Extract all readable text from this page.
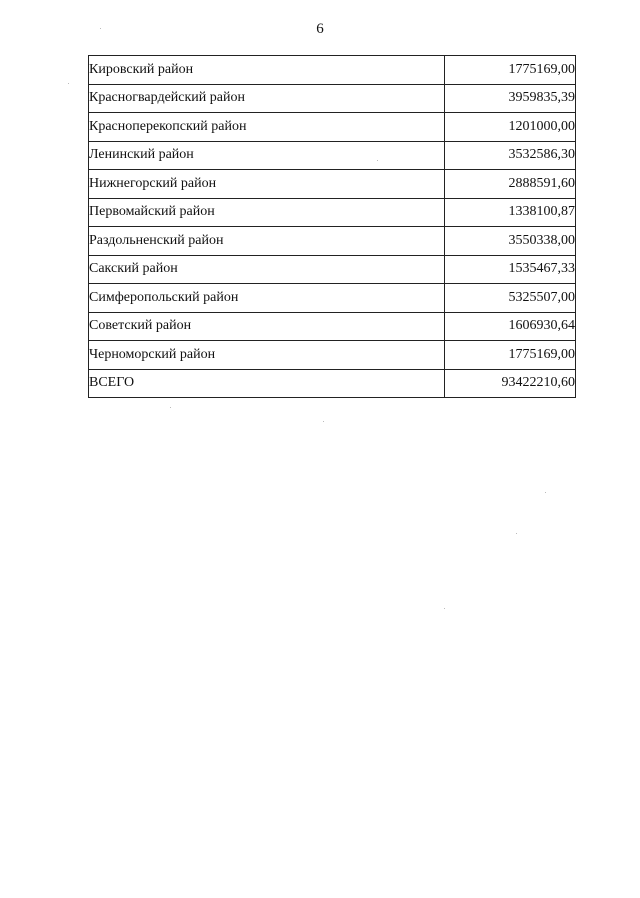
6
Кировский район	1775169,00
Красногвардейский район	3959835,39
Красноперекопский район	1201000,00
Ленинский район	3532586,30
Нижнегорский район	2888591,60
Первомайский район	1338100,87
Раздольненский район	3550338,00
Сакский район	1535467,33
Симферопольский район	5325507,00
Советский район	1606930,64
Черноморский район	1775169,00
ВСЕГО	93422210,60
